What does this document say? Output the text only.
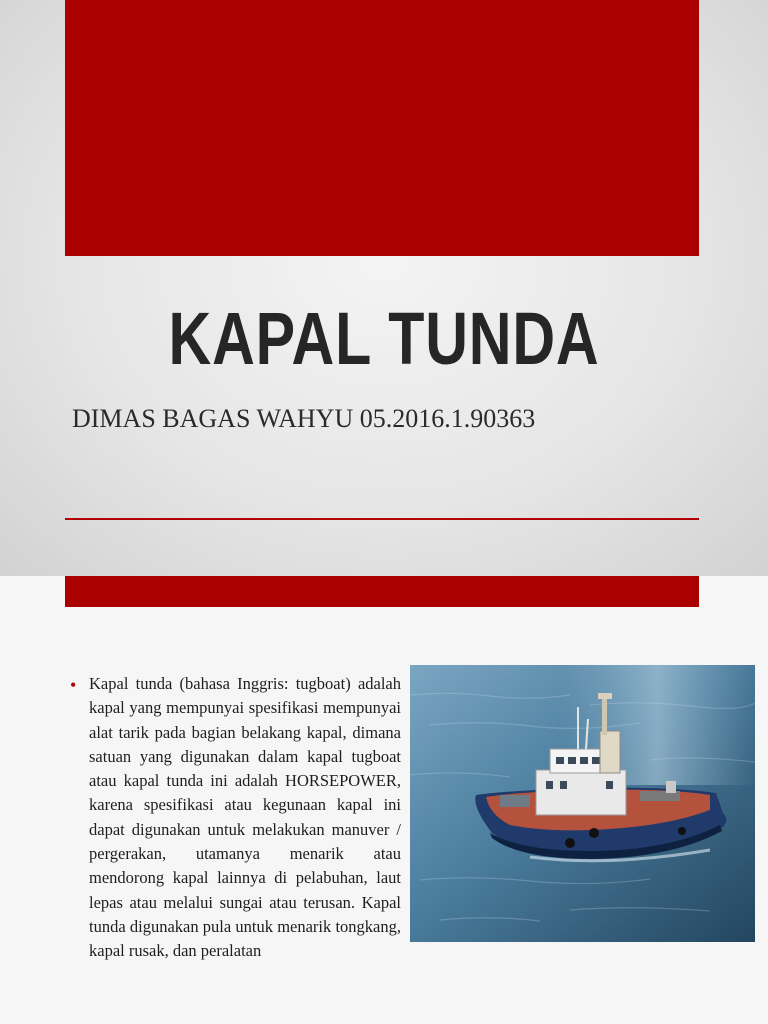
KAPAL TUNDA
DIMAS BAGAS WAHYU 05.2016.1.90363
• Kapal tunda (bahasa Inggris: tugboat) adalah kapal yang mempunyai spesifikasi mempunyai alat tarik pada bagian belakang kapal, dimana satuan yang digunakan dalam kapal tugboat atau kapal tunda ini adalah HORSEPOWER, karena spesifikasi atau kegunaan kapal ini dapat digunakan untuk melakukan manuver / pergerakan, utamanya menarik atau mendorong kapal lainnya di pelabuhan, laut lepas atau melalui sungai atau terusan. Kapal tunda digunakan pula untuk menarik tongkang, kapal rusak, dan peralatan
